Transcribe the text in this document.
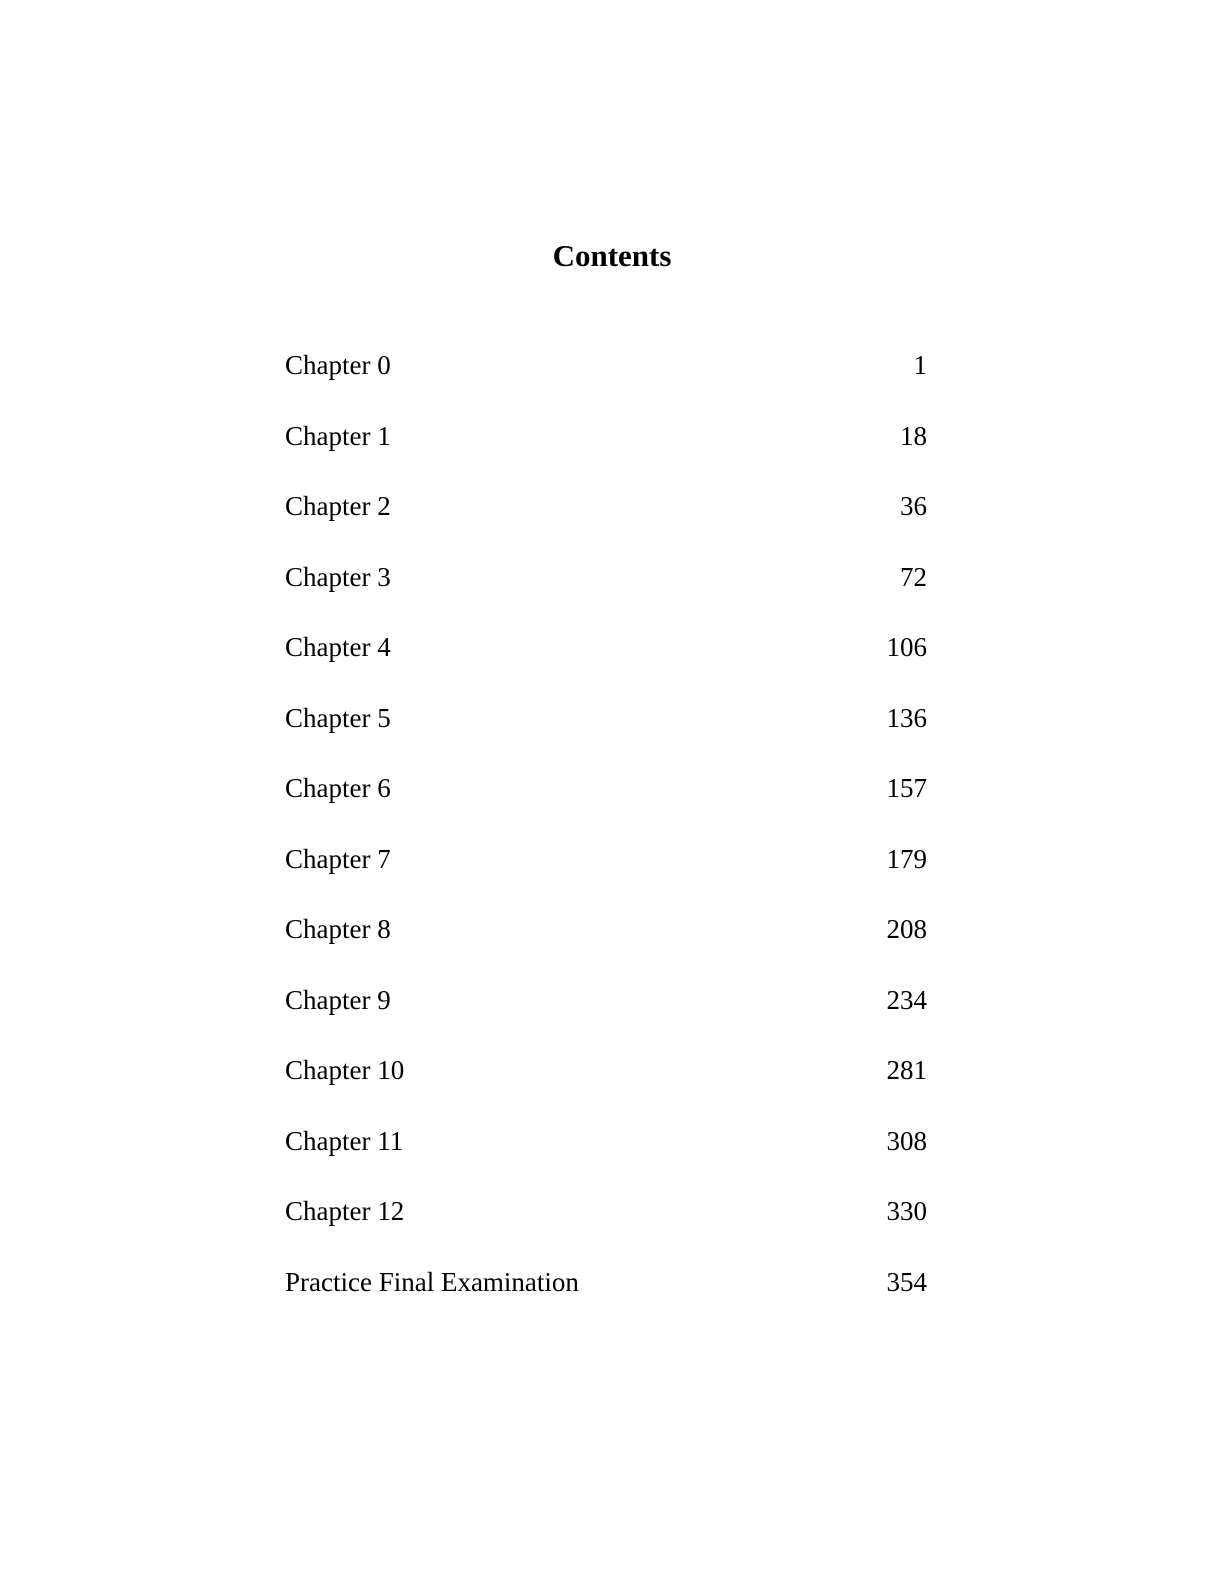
Contents
Chapter 0	1
Chapter 1	18
Chapter 2	36
Chapter 3	72
Chapter 4	106
Chapter 5	136
Chapter 6	157
Chapter 7	179
Chapter 8	208
Chapter 9	234
Chapter 10	281
Chapter 11	308
Chapter 12	330
Practice Final Examination	354
